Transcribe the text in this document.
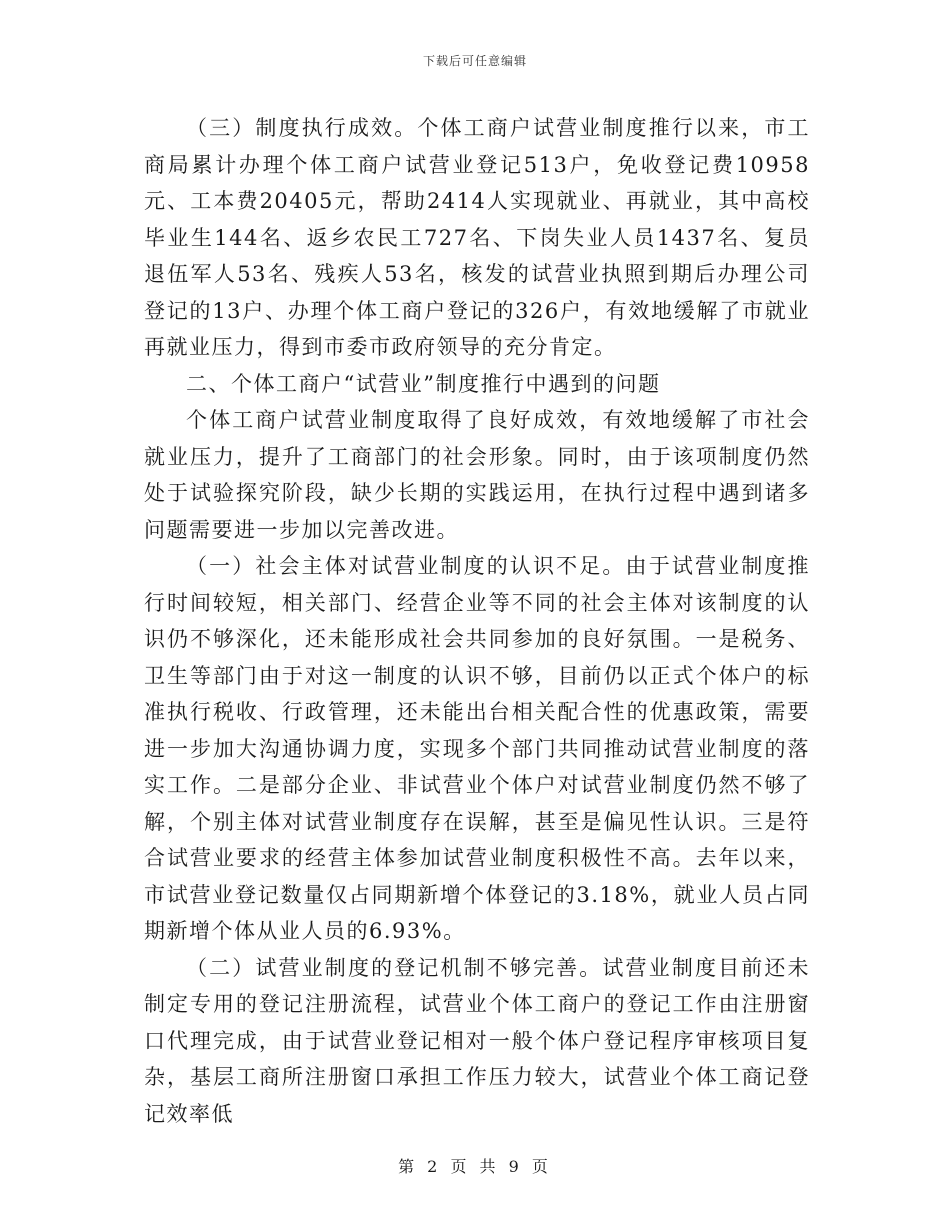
下载后可任意编辑

（三）制度执行成效。个体工商户试营业制度推行以来，市工商局累计办理个体工商户试营业登记513户，免收登记费10958元、工本费20405元，帮助2414人实现就业、再就业，其中高校毕业生144名、返乡农民工727名、下岗失业人员1437名、复员退伍军人53名、残疾人53名，核发的试营业执照到期后办理公司登记的13户、办理个体工商户登记的326户，有效地缓解了市就业再就业压力，得到市委市政府领导的充分肯定。

二、个体工商户“试营业”制度推行中遇到的问题

个体工商户试营业制度取得了良好成效，有效地缓解了市社会就业压力，提升了工商部门的社会形象。同时，由于该项制度仍然处于试验探究阶段，缺少长期的实践运用，在执行过程中遇到诸多问题需要进一步加以完善改进。

（一）社会主体对试营业制度的认识不足。由于试营业制度推行时间较短，相关部门、经营企业等不同的社会主体对该制度的认识仍不够深化，还未能形成社会共同参加的良好氛围。一是税务、卫生等部门由于对这一制度的认识不够，目前仍以正式个体户的标准执行税收、行政管理，还未能出台相关配合性的优惠政策，需要进一步加大沟通协调力度，实现多个部门共同推动试营业制度的落实工作。二是部分企业、非试营业个体户对试营业制度仍然不够了解，个别主体对试营业制度存在误解，甚至是偏见性认识。三是符合试营业要求的经营主体参加试营业制度积极性不高。去年以来，市试营业登记数量仅占同期新增个体登记的3.18%，就业人员占同期新增个体从业人员的6.93%。

（二）试营业制度的登记机制不够完善。试营业制度目前还未制定专用的登记注册流程，试营业个体工商户的登记工作由注册窗口代理完成，由于试营业登记相对一般个体户登记程序审核项目复杂，基层工商所注册窗口承担工作压力较大，试营业个体工商记登记效率低

第 2 页 共 9 页
